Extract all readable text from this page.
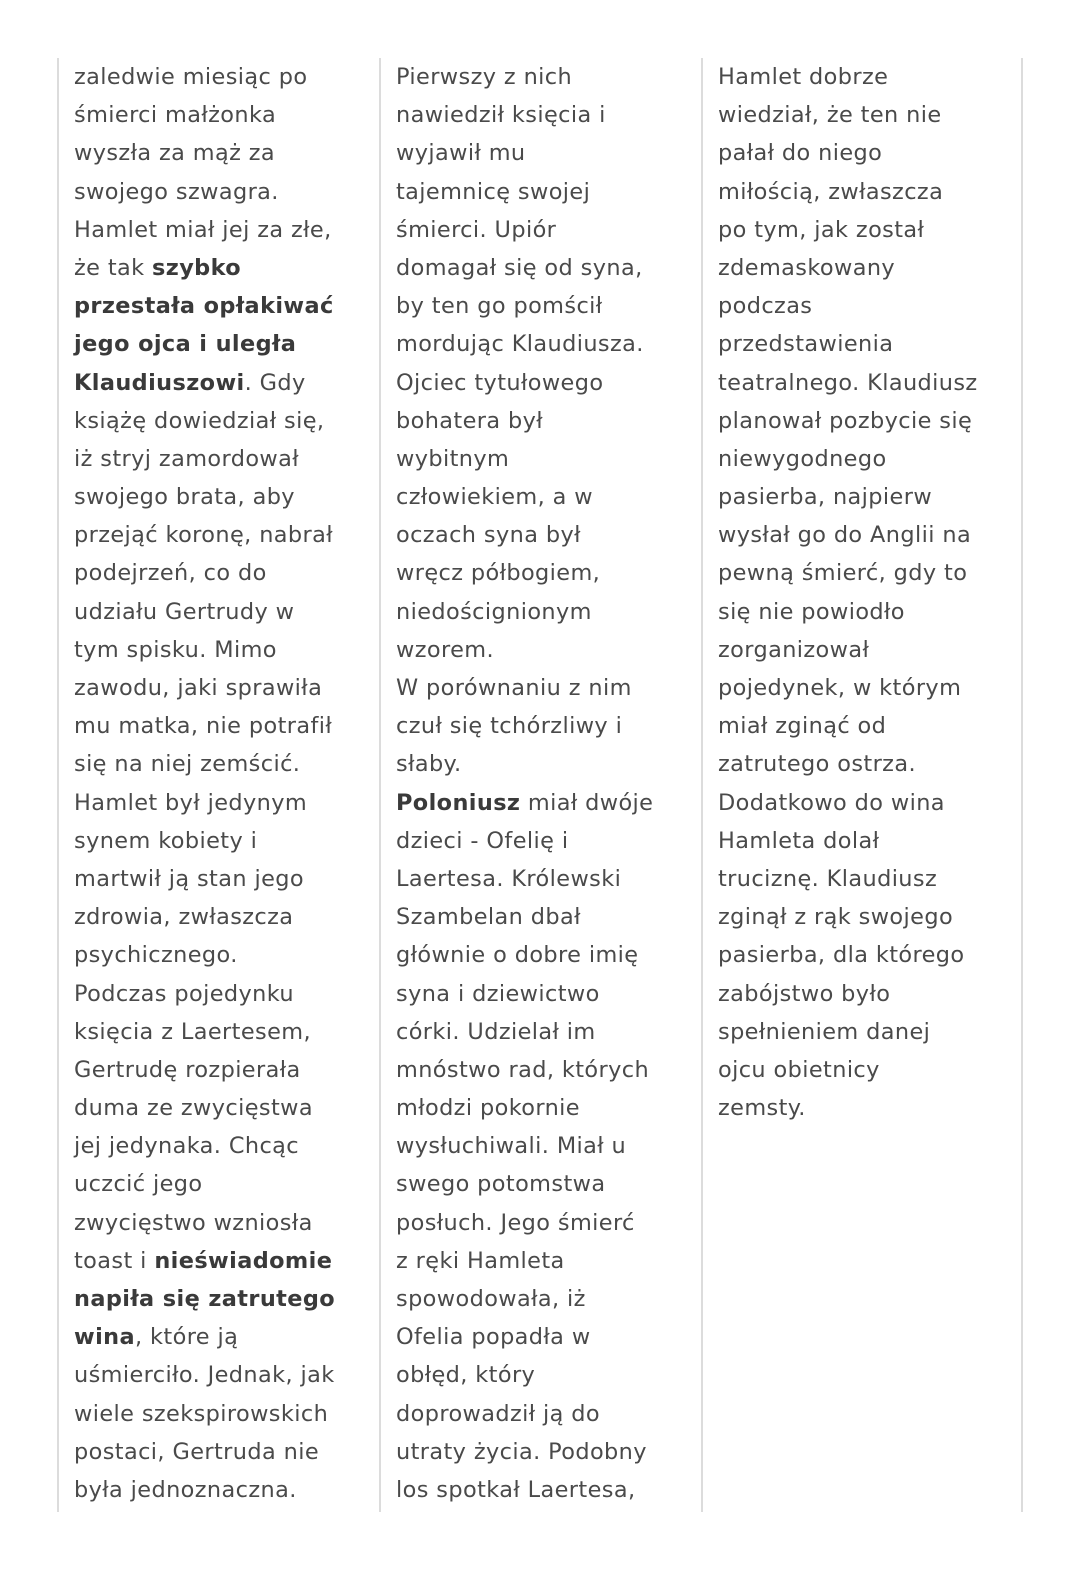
zaledwie miesiąc po
śmierci małżonka
wyszła za mąż za
swojego szwagra.
Hamlet miał jej za złe,
że tak szybko
przestała opłakiwać
jego ojca i uległa
Klaudiuszowi. Gdy
książę dowiedział się,
iż stryj zamordował
swojego brata, aby
przejąć koronę, nabrał
podejrzeń, co do
udziału Gertrudy w
tym spisku. Mimo
zawodu, jaki sprawiła
mu matka, nie potrafił
się na niej zemścić.
Hamlet był jedynym
synem kobiety i
martwił ją stan jego
zdrowia, zwłaszcza
psychicznego.
Podczas pojedynku
księcia z Laertesem,
Gertrudę rozpierała
duma ze zwycięstwa
jej jedynaka. Chcąc
uczcić jego
zwycięstwo wzniosła
toast i nieświadomie
napiła się zatrutego
wina, które ją
uśmierciło. Jednak, jak
wiele szekspirowskich
postaci, Gertruda nie
była jednoznaczna.
Pierwszy z nich
nawiedził księcia i
wyjawił mu
tajemnicę swojej
śmierci. Upiór
domagał się od syna,
by ten go pomścił
mordując Klaudiusza.
Ojciec tytułowego
bohatera był
wybitnym
człowiekiem, a w
oczach syna był
wręcz półbogiem,
niedoścignionym
wzorem.
W porównaniu z nim
czuł się tchórzliwy i
słaby.
Poloniusz miał dwóje
dzieci - Ofelię i
Laertesa. Królewski
Szambelan dbał
głównie o dobre imię
syna i dziewictwo
córki. Udzielał im
mnóstwo rad, których
młodzi pokornie
wysłuchiwali. Miał u
swego potomstwa
posłuch. Jego śmierć
z ręki Hamleta
spowodowała, iż
Ofelia popadła w
obłęd, który
doprowadził ją do
utraty życia. Podobny
los spotkał Laertesa,
Hamlet dobrze
wiedział, że ten nie
pałał do niego
miłością, zwłaszcza
po tym, jak został
zdemaskowany
podczas
przedstawienia
teatralnego. Klaudiusz
planował pozbycie się
niewygodnego
pasierba, najpierw
wysłał go do Anglii na
pewną śmierć, gdy to
się nie powiodło
zorganizował
pojedynek, w którym
miał zginąć od
zatrutego ostrza.
Dodatkowo do wina
Hamleta dolał
truciznę. Klaudiusz
zginął z rąk swojego
pasierba, dla którego
zabójstwo było
spełnieniem danej
ojcu obietnicy
zemsty.
